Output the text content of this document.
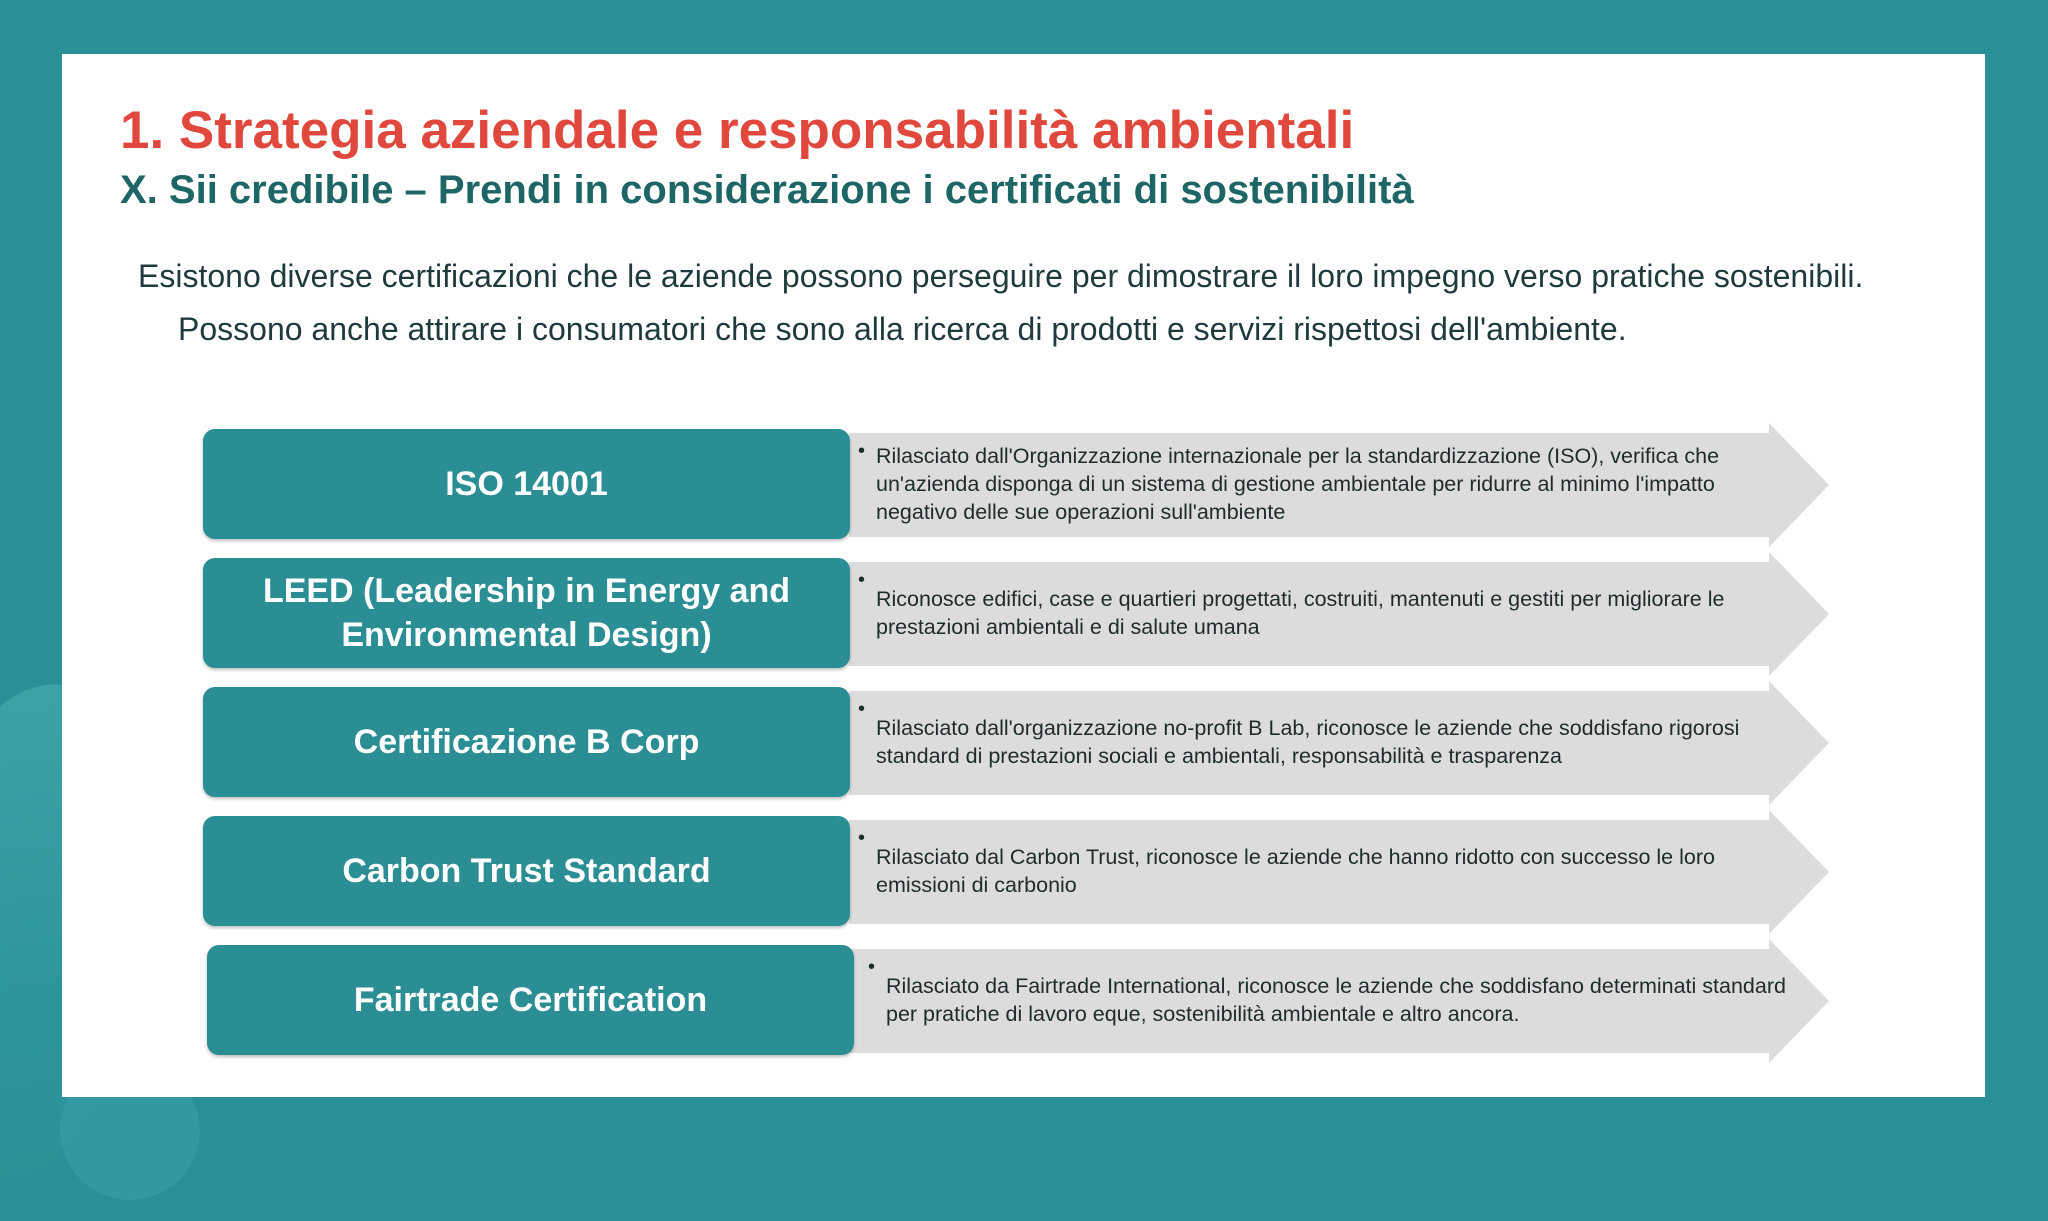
1. Strategia aziendale e responsabilità ambientali
X. Sii credibile – Prendi in considerazione i certificati di sostenibilità

Esistono diverse certificazioni che le aziende possono perseguire per dimostrare il loro impegno verso pratiche sostenibili. Possono anche attirare i consumatori che sono alla ricerca di prodotti e servizi rispettosi dell'ambiente.

ISO 14001
• Rilasciato dall'Organizzazione internazionale per la standardizzazione (ISO), verifica che un'azienda disponga di un sistema di gestione ambientale per ridurre al minimo l'impatto negativo delle sue operazioni sull'ambiente
LEED (Leadership in Energy and Environmental Design)
•
Riconosce edifici, case e quartieri progettati, costruiti, mantenuti e gestiti per migliorare le prestazioni ambientali e di salute umana
Certificazione B Corp
•
Rilasciato dall'organizzazione no-profit B Lab, riconosce le aziende che soddisfano rigorosi standard di prestazioni sociali e ambientali, responsabilità e trasparenza
Carbon Trust Standard
•
Rilasciato dal Carbon Trust, riconosce le aziende che hanno ridotto con successo le loro emissioni di carbonio
Fairtrade Certification
•
Rilasciato da Fairtrade International, riconosce le aziende che soddisfano determinati standard per pratiche di lavoro eque, sostenibilità ambientale e altro ancora.
